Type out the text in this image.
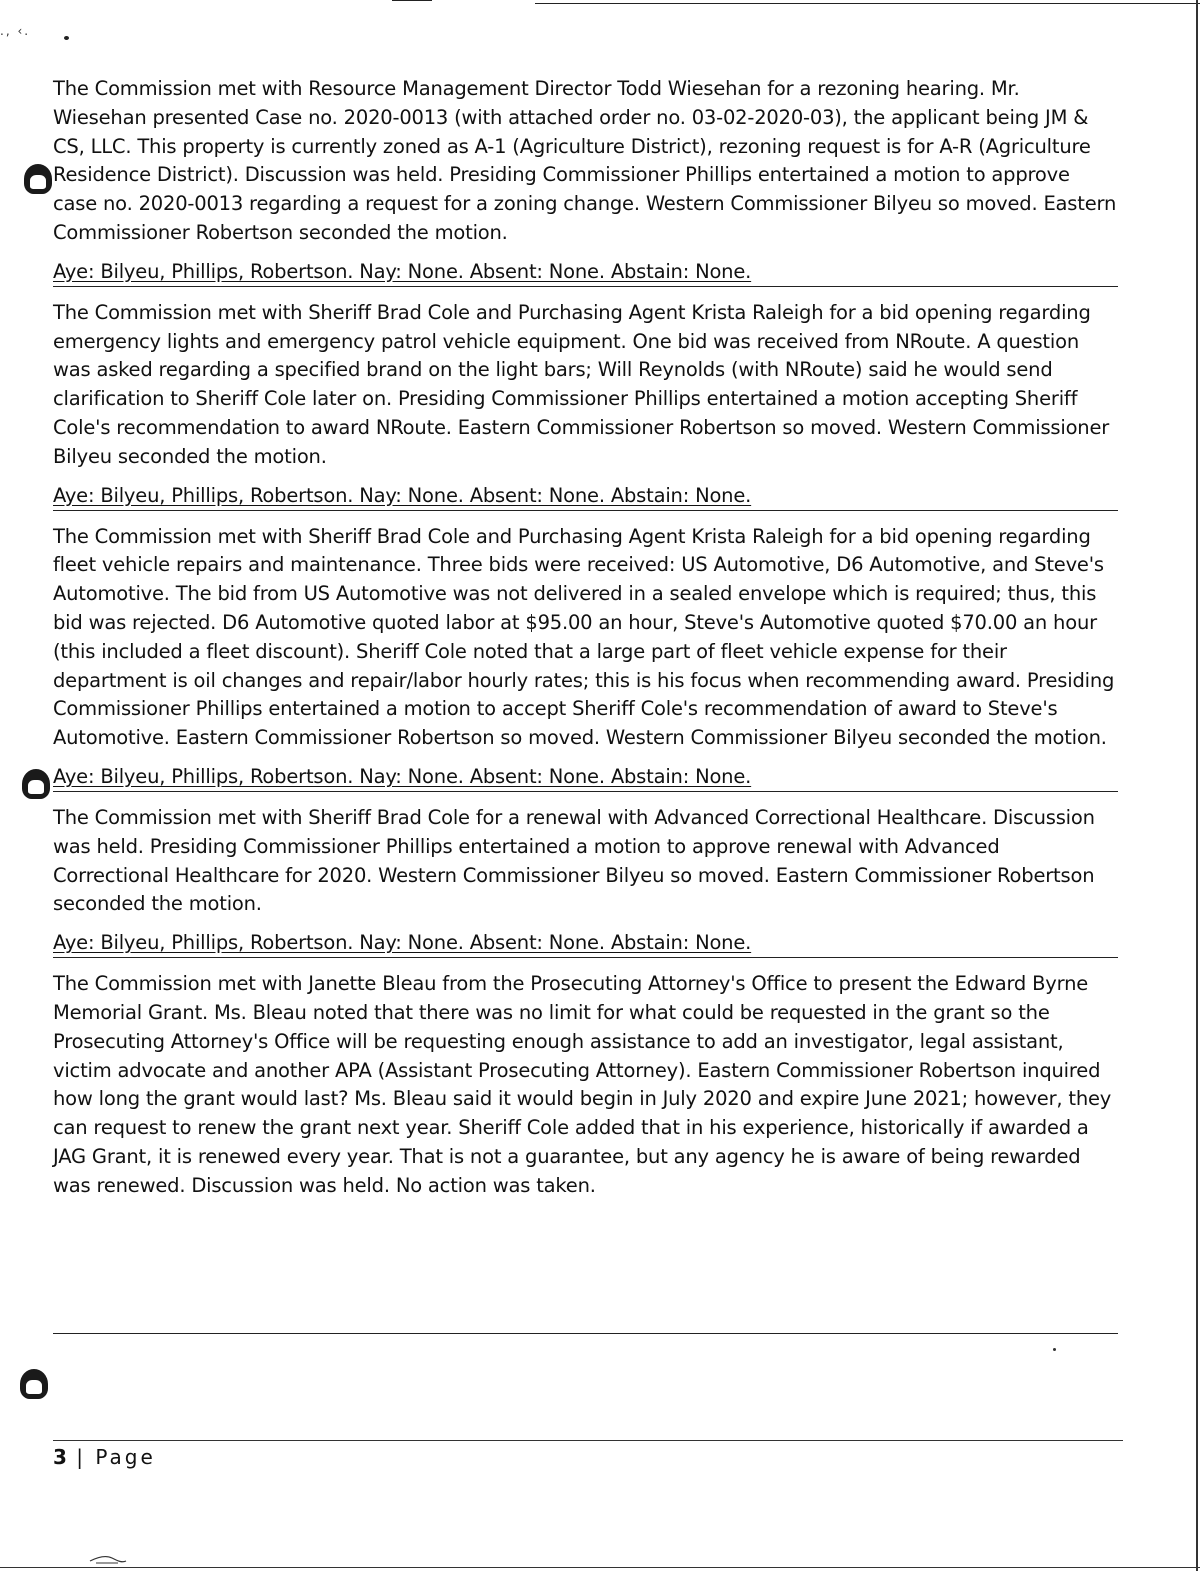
., ‹.

The Commission met with Resource Management Director Todd Wiesehan for a rezoning hearing. Mr. Wiesehan presented Case no. 2020-0013 (with attached order no. 03-02-2020-03), the applicant being JM & CS, LLC. This property is currently zoned as A-1 (Agriculture District), rezoning request is for A-R (Agriculture Residence District). Discussion was held. Presiding Commissioner Phillips entertained a motion to approve case no. 2020-0013 regarding a request for a zoning change. Western Commissioner Bilyeu so moved. Eastern Commissioner Robertson seconded the motion.

Aye: Bilyeu, Phillips, Robertson. Nay: None. Absent: None. Abstain: None.

The Commission met with Sheriff Brad Cole and Purchasing Agent Krista Raleigh for a bid opening regarding emergency lights and emergency patrol vehicle equipment. One bid was received from NRoute. A question was asked regarding a specified brand on the light bars; Will Reynolds (with NRoute) said he would send clarification to Sheriff Cole later on. Presiding Commissioner Phillips entertained a motion accepting Sheriff Cole's recommendation to award NRoute. Eastern Commissioner Robertson so moved. Western Commissioner Bilyeu seconded the motion.

Aye: Bilyeu, Phillips, Robertson. Nay: None. Absent: None. Abstain: None.

The Commission met with Sheriff Brad Cole and Purchasing Agent Krista Raleigh for a bid opening regarding fleet vehicle repairs and maintenance. Three bids were received: US Automotive, D6 Automotive, and Steve's Automotive. The bid from US Automotive was not delivered in a sealed envelope which is required; thus, this bid was rejected. D6 Automotive quoted labor at $95.00 an hour, Steve's Automotive quoted $70.00 an hour (this included a fleet discount). Sheriff Cole noted that a large part of fleet vehicle expense for their department is oil changes and repair/labor hourly rates; this is his focus when recommending award. Presiding Commissioner Phillips entertained a motion to accept Sheriff Cole's recommendation of award to Steve's Automotive. Eastern Commissioner Robertson so moved. Western Commissioner Bilyeu seconded the motion.

Aye: Bilyeu, Phillips, Robertson. Nay: None. Absent: None. Abstain: None.

The Commission met with Sheriff Brad Cole for a renewal with Advanced Correctional Healthcare. Discussion was held. Presiding Commissioner Phillips entertained a motion to approve renewal with Advanced Correctional Healthcare for 2020. Western Commissioner Bilyeu so moved. Eastern Commissioner Robertson seconded the motion.

Aye: Bilyeu, Phillips, Robertson. Nay: None. Absent: None. Abstain: None.

The Commission met with Janette Bleau from the Prosecuting Attorney's Office to present the Edward Byrne Memorial Grant. Ms. Bleau noted that there was no limit for what could be requested in the grant so the Prosecuting Attorney's Office will be requesting enough assistance to add an investigator, legal assistant, victim advocate and another APA (Assistant Prosecuting Attorney). Eastern Commissioner Robertson inquired how long the grant would last? Ms. Bleau said it would begin in July 2020 and expire June 2021; however, they can request to renew the grant next year. Sheriff Cole added that in his experience, historically if awarded a JAG Grant, it is renewed every year. That is not a guarantee, but any agency he is aware of being rewarded was renewed. Discussion was held. No action was taken.

3 | Page
